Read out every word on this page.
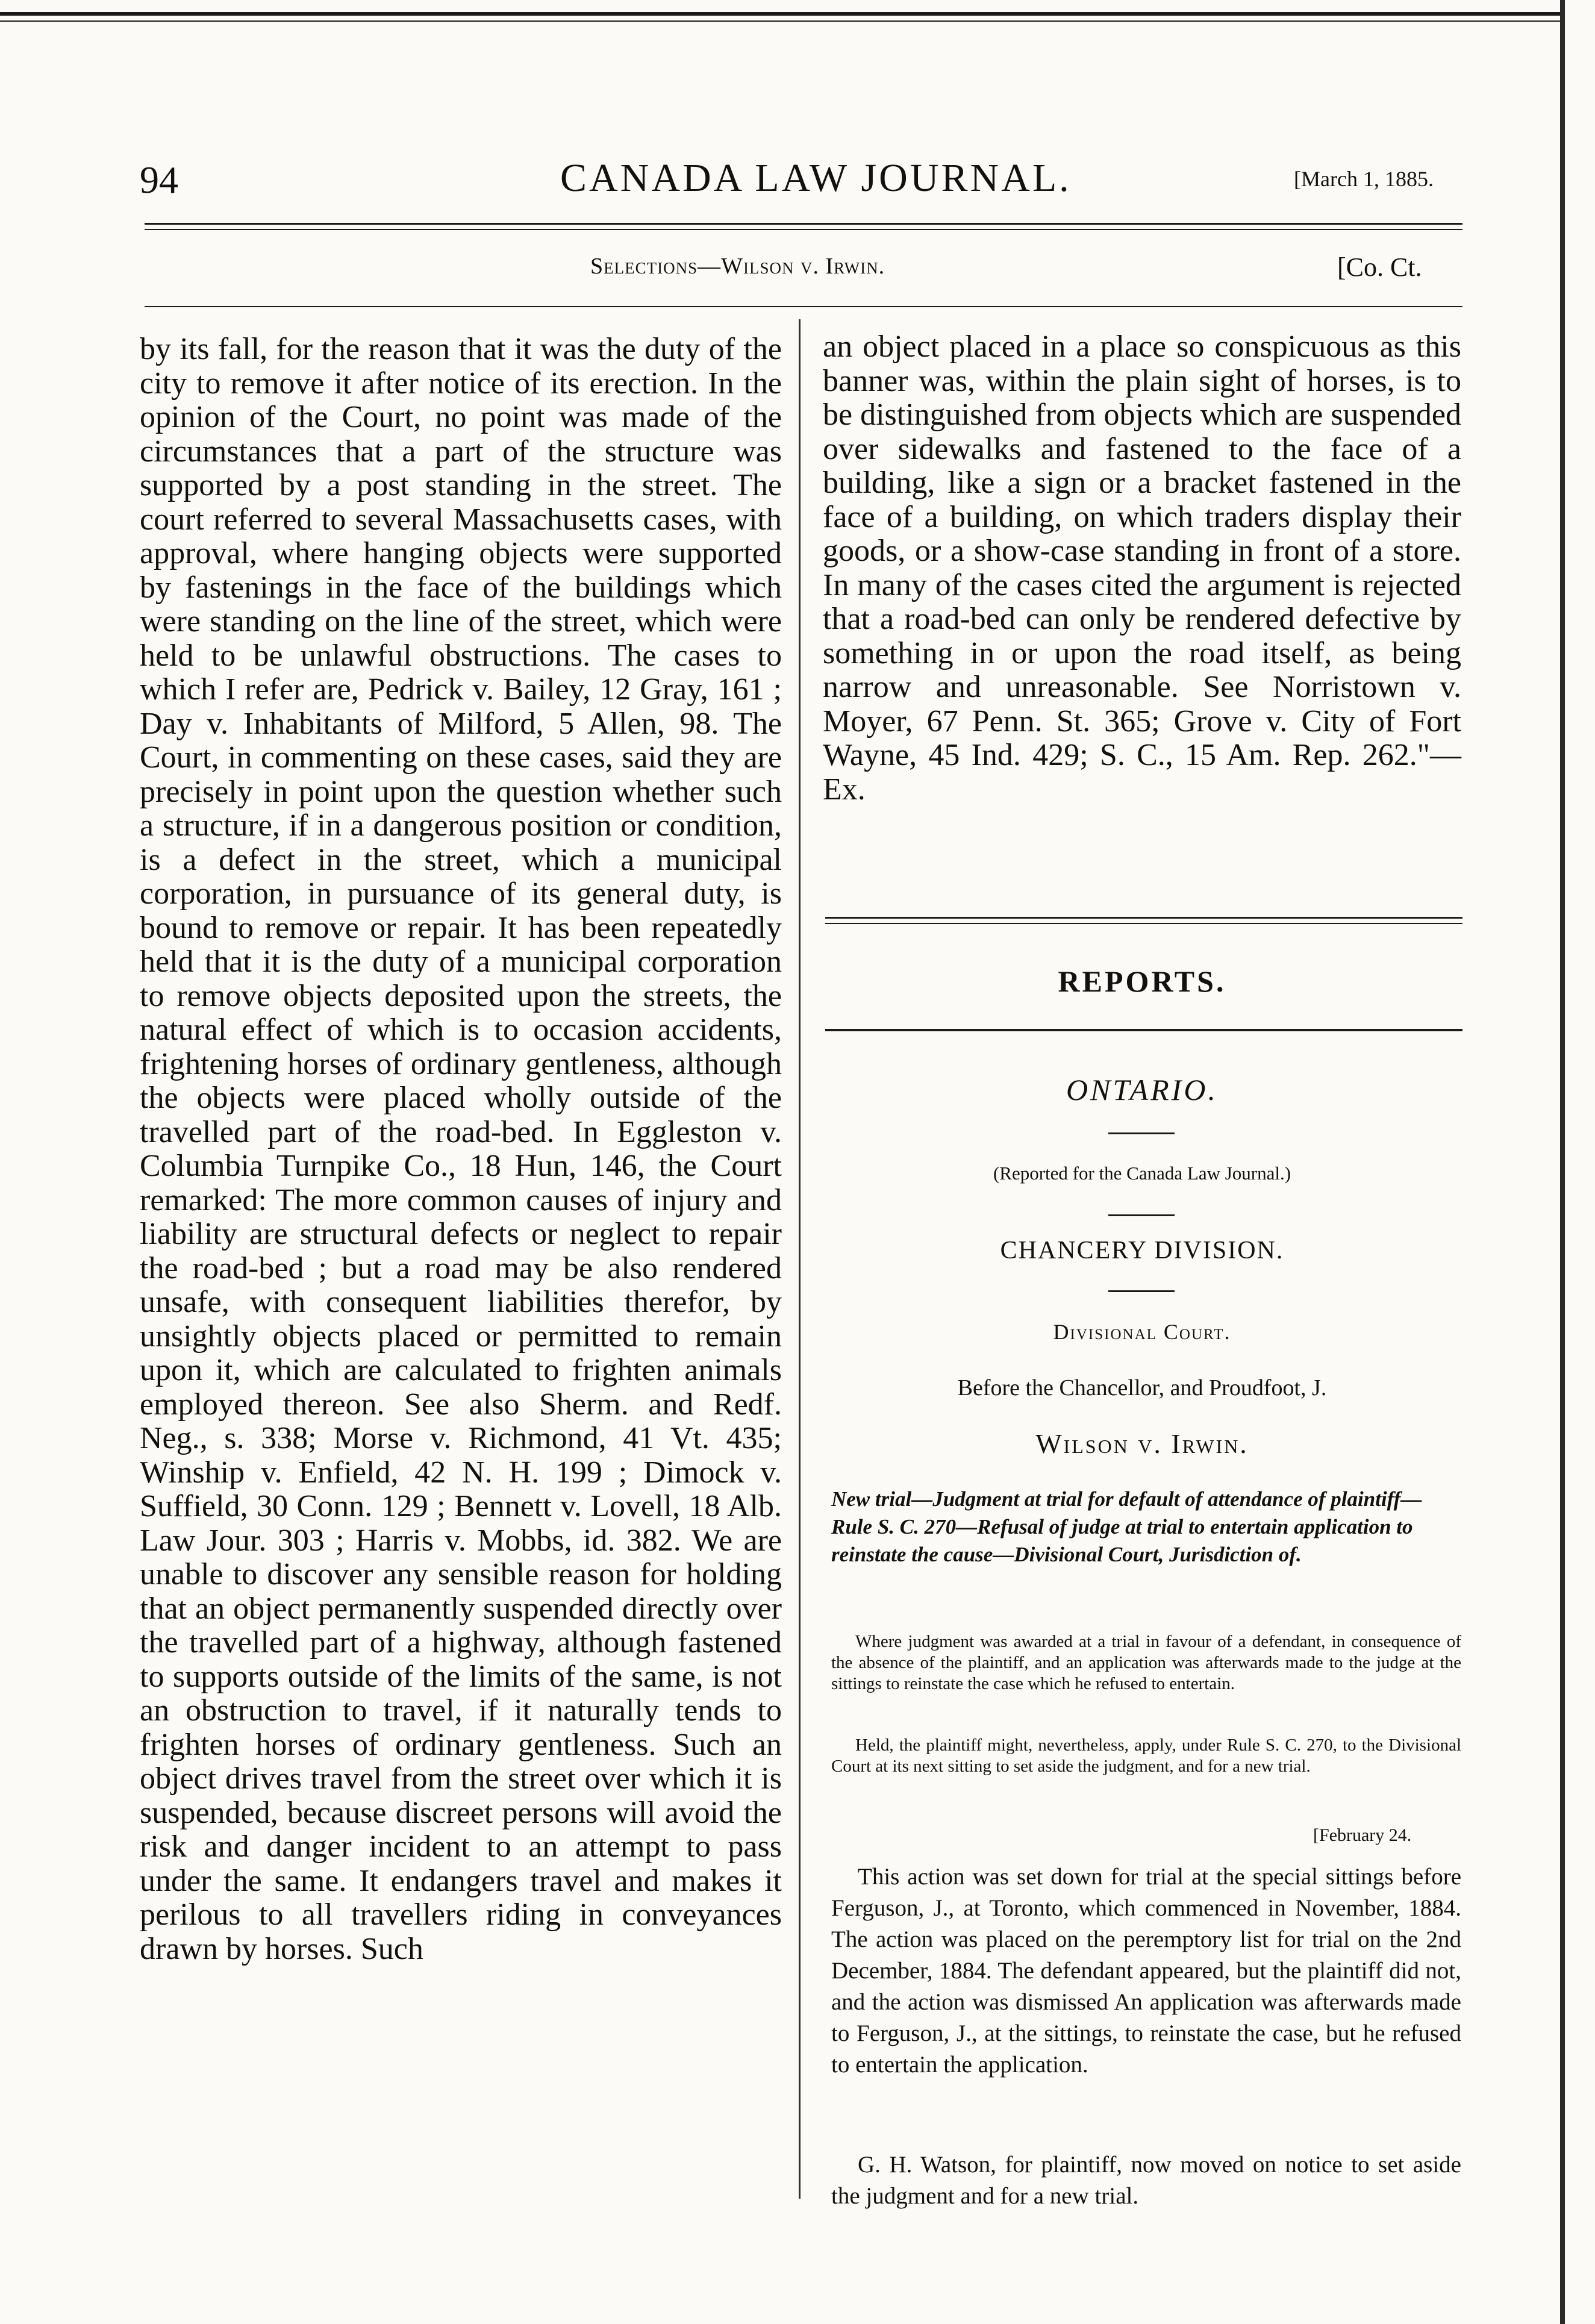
94	CANADA LAW JOURNAL.	[March 1, 1885.
Selections—Wilson v. Irwin.	[Co. Ct.

by its fall, for the reason that it was the duty of the city to remove it after notice of its erection. In the opinion of the Court, no point was made of the circumstances that a part of the structure was supported by a post standing in the street. The court referred to several Massachusetts cases, with approval, where hanging objects were supported by fastenings in the face of the buildings which were standing on the line of the street, which were held to be unlawful obstructions. The cases to which I refer are, Pedrick v. Bailey, 12 Gray, 161 ; Day v. Inhabitants of Milford, 5 Allen, 98. The Court, in commenting on these cases, said they are precisely in point upon the question whether such a structure, if in a dangerous position or condition, is a defect in the street, which a municipal corporation, in pursuance of its general duty, is bound to remove or repair. It has been repeatedly held that it is the duty of a municipal corporation to remove objects deposited upon the streets, the natural effect of which is to occasion accidents, frightening horses of ordinary gentleness, although the objects were placed wholly outside of the travelled part of the road-bed. In Eggleston v. Columbia Turnpike Co., 18 Hun, 146, the Court remarked: The more common causes of injury and liability are structural defects or neglect to repair the road-bed ; but a road may be also rendered unsafe, with consequent liabilities therefor, by unsightly objects placed or permitted to remain upon it, which are calculated to frighten animals employed thereon. See also Sherm. and Redf. Neg., s. 338; Morse v. Richmond, 41 Vt. 435; Winship v. Enfield, 42 N. H. 199 ; Dimock v. Suffield, 30 Conn. 129 ; Bennett v. Lovell, 18 Alb. Law Jour. 303 ; Harris v. Mobbs, id. 382. We are unable to discover any sensible reason for holding that an object permanently suspended directly over the travelled part of a highway, although fastened to supports outside of the limits of the same, is not an obstruction to travel, if it naturally tends to frighten horses of ordinary gentleness. Such an object drives travel from the street over which it is suspended, because discreet persons will avoid the risk and danger incident to an attempt to pass under the same. It endangers travel and makes it perilous to all travellers riding in conveyances drawn by horses. Such

an object placed in a place so conspicuous as this banner was, within the plain sight of horses, is to be distinguished from objects which are suspended over sidewalks and fastened to the face of a building, like a sign or a bracket fastened in the face of a building, on which traders display their goods, or a show-case standing in front of a store. In many of the cases cited the argument is rejected that a road-bed can only be rendered defective by something in or upon the road itself, as being narrow and unreasonable. See Norristown v. Moyer, 67 Penn. St. 365; Grove v. City of Fort Wayne, 45 Ind. 429; S. C., 15 Am. Rep. 262."—Ex.

REPORTS.
ONTARIO.
(Reported for the Canada Law Journal.)
CHANCERY DIVISION.
Divisional Court.
Before the Chancellor, and Proudfoot, J.
Wilson v. Irwin.
New trial—Judgment at trial for default of attendance of plaintiff—Rule S. C. 270—Refusal of judge at trial to entertain application to reinstate the cause—Divisional Court, Jurisdiction of.

Where judgment was awarded at a trial in favour of a defendant, in consequence of the absence of the plaintiff, and an application was afterwards made to the judge at the sittings to reinstate the case which he refused to entertain.

Held, the plaintiff might, nevertheless, apply, under Rule S. C. 270, to the Divisional Court at its next sitting to set aside the judgment, and for a new trial.

[February 24.

This action was set down for trial at the special sittings before Ferguson, J., at Toronto, which commenced in November, 1884. The action was placed on the peremptory list for trial on the 2nd December, 1884. The defendant appeared, but the plaintiff did not, and the action was dismissed An application was afterwards made to Ferguson, J., at the sittings, to reinstate the case, but he refused to entertain the application.

G. H. Watson, for plaintiff, now moved on notice to set aside the judgment and for a new trial.
